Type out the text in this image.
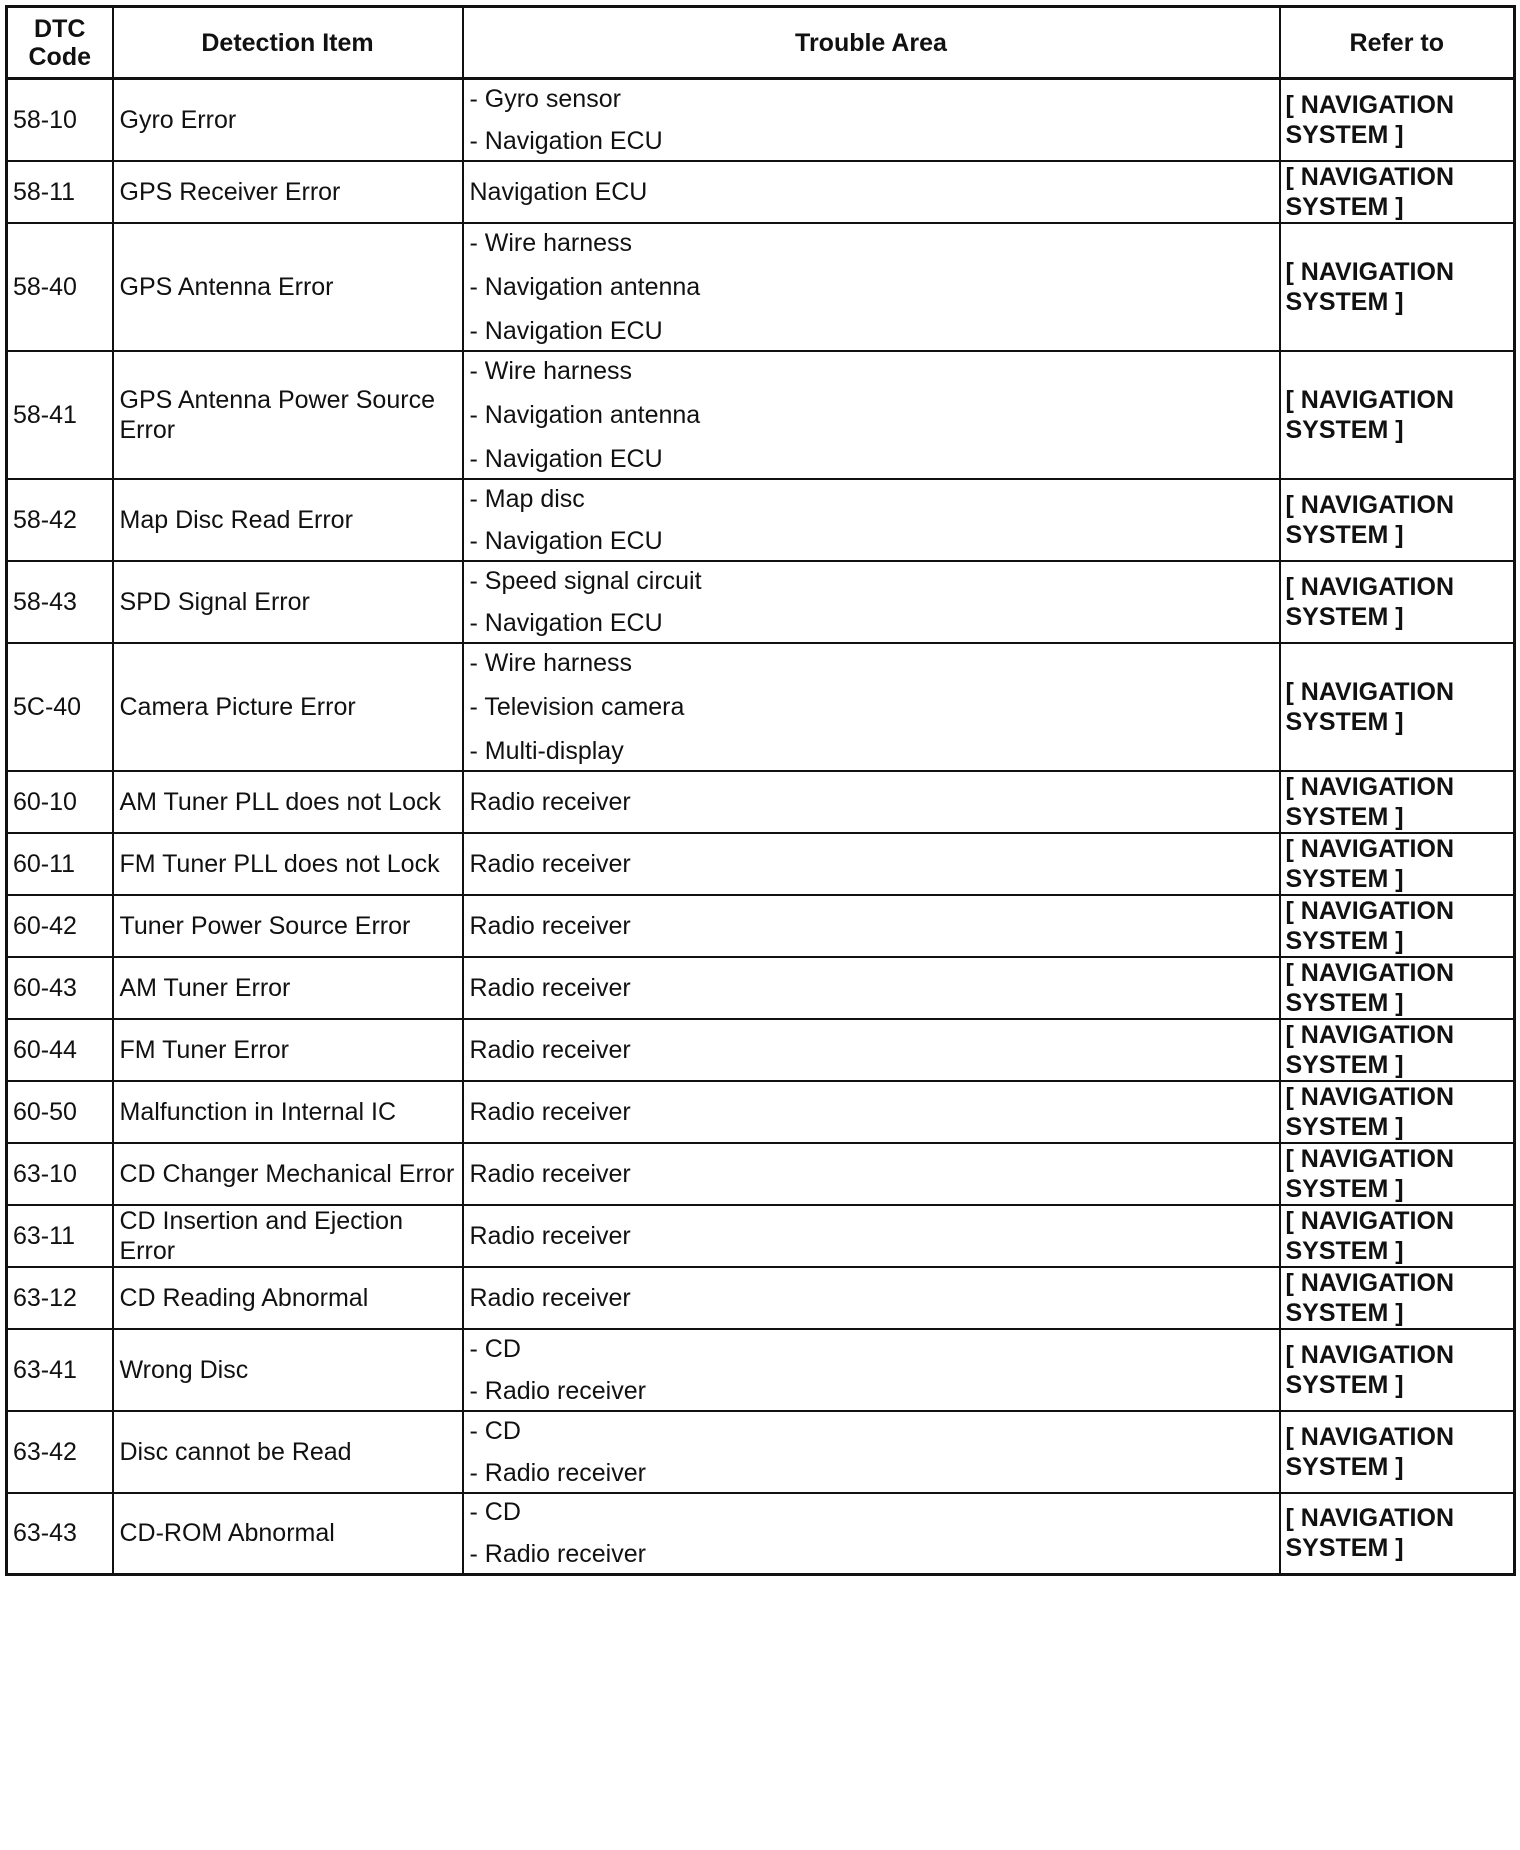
DTC Code	Detection Item	Trouble Area	Refer to
58-10	Gyro Error	- Gyro sensor
- Navigation ECU	[ NAVIGATION SYSTEM ]
58-11	GPS Receiver Error	Navigation ECU	[ NAVIGATION SYSTEM ]
58-40	GPS Antenna Error	- Wire harness
- Navigation antenna
- Navigation ECU	[ NAVIGATION SYSTEM ]
58-41	GPS Antenna Power Source Error	- Wire harness
- Navigation antenna
- Navigation ECU	[ NAVIGATION SYSTEM ]
58-42	Map Disc Read Error	- Map disc
- Navigation ECU	[ NAVIGATION SYSTEM ]
58-43	SPD Signal Error	- Speed signal circuit
- Navigation ECU	[ NAVIGATION SYSTEM ]
5C-40	Camera Picture Error	- Wire harness
- Television camera
- Multi-display	[ NAVIGATION SYSTEM ]
60-10	AM Tuner PLL does not Lock	Radio receiver	[ NAVIGATION SYSTEM ]
60-11	FM Tuner PLL does not Lock	Radio receiver	[ NAVIGATION SYSTEM ]
60-42	Tuner Power Source Error	Radio receiver	[ NAVIGATION SYSTEM ]
60-43	AM Tuner Error	Radio receiver	[ NAVIGATION SYSTEM ]
60-44	FM Tuner Error	Radio receiver	[ NAVIGATION SYSTEM ]
60-50	Malfunction in Internal IC	Radio receiver	[ NAVIGATION SYSTEM ]
63-10	CD Changer Mechanical Error	Radio receiver	[ NAVIGATION SYSTEM ]
63-11	CD Insertion and Ejection Error	Radio receiver	[ NAVIGATION SYSTEM ]
63-12	CD Reading Abnormal	Radio receiver	[ NAVIGATION SYSTEM ]
63-41	Wrong Disc	- CD
- Radio receiver	[ NAVIGATION SYSTEM ]
63-42	Disc cannot be Read	- CD
- Radio receiver	[ NAVIGATION SYSTEM ]
63-43	CD-ROM Abnormal	- CD
- Radio receiver	[ NAVIGATION SYSTEM ]
